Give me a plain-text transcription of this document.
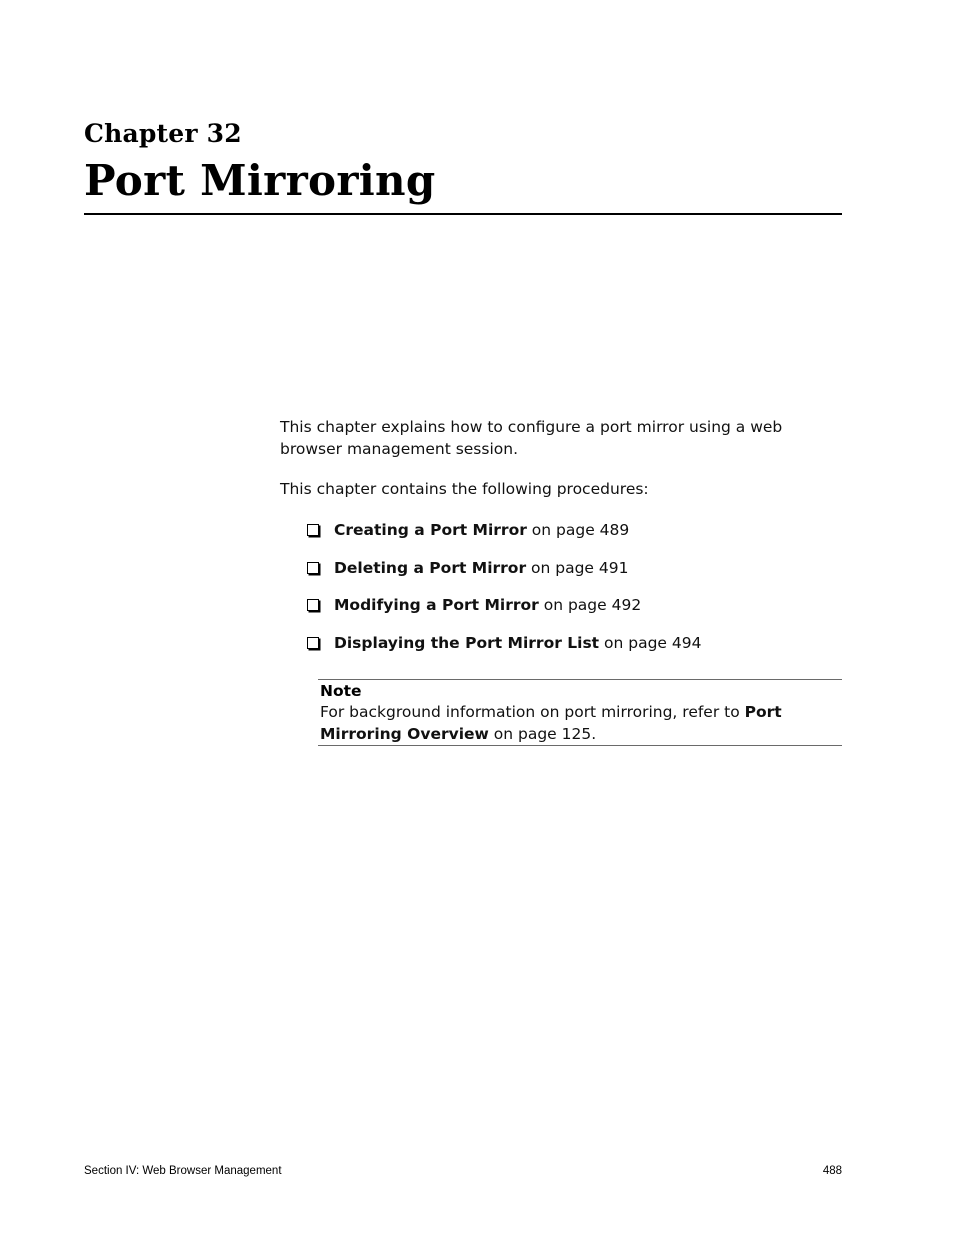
Chapter 32
Port Mirroring

This chapter explains how to configure a port mirror using a web browser management session.

This chapter contains the following procedures:

Creating a Port Mirror on page 489
Deleting a Port Mirror on page 491
Modifying a Port Mirror on page 492
Displaying the Port Mirror List on page 494
Note
For background information on port mirroring, refer to Port Mirroring Overview on page 125.
Section IV: Web Browser Management	488
